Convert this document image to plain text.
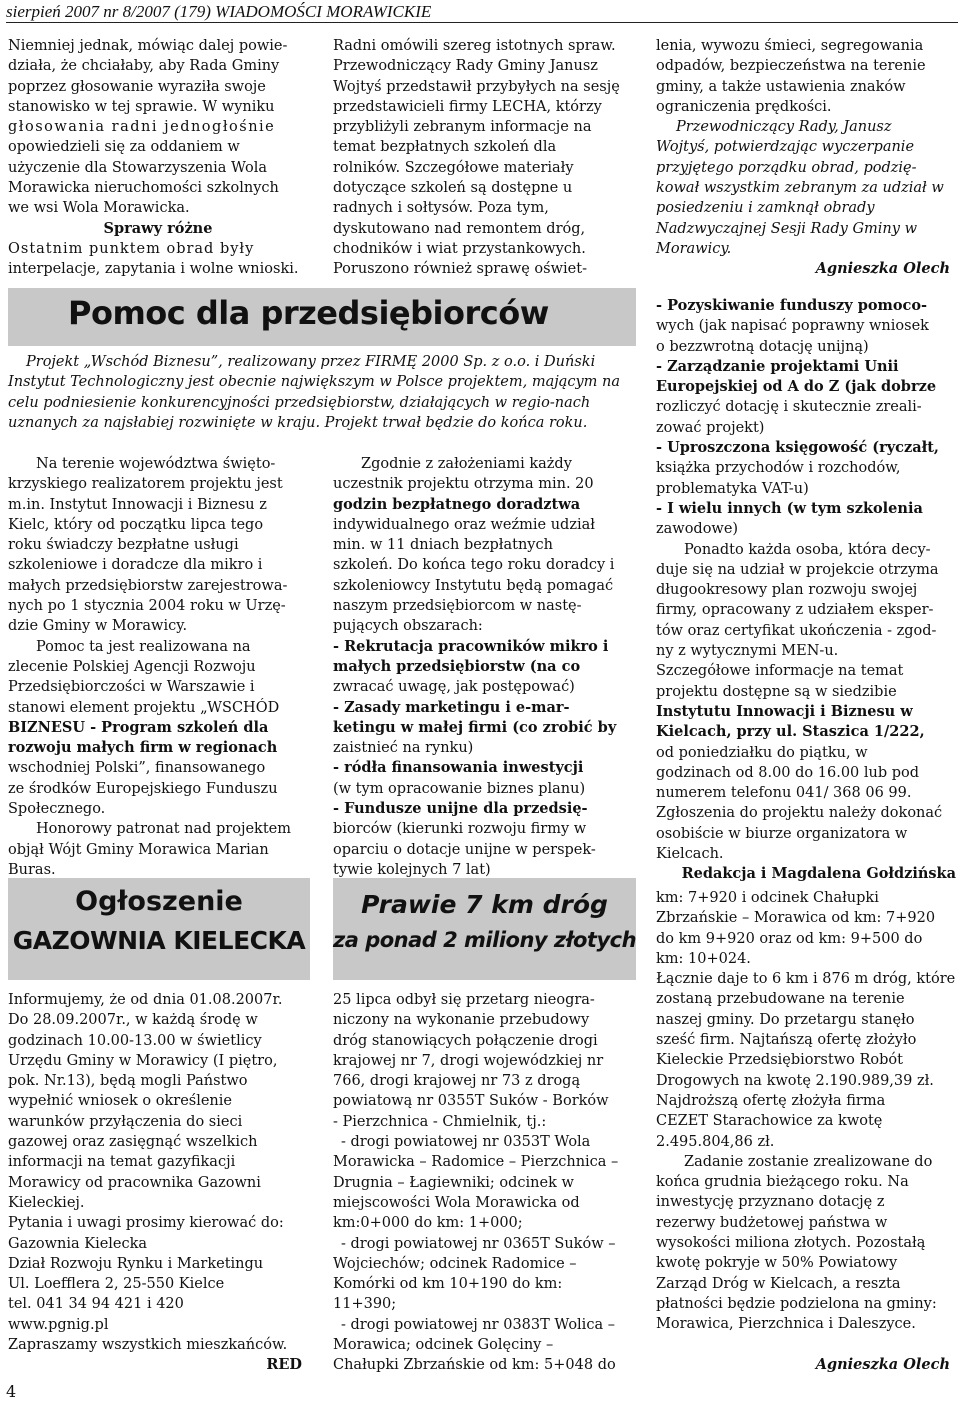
sierpień 2007 nr 8/2007 (179) WIADOMOŚCI MORAWICKIE

Niemniej jednak, mówiąc dalej powie-

działa, że chciałaby, aby Rada Gminy

poprzez głosowanie wyraziła swoje

stanowisko w tej sprawie. W wyniku

głosowania radni jednogłośnie

opowiedzieli się za oddaniem w

użyczenie dla Stowarzyszenia Wola

Morawicka nieruchomości szkolnych

we wsi Wola Morawicka.

Sprawy różne

Ostatnim punktem obrad były

interpelacje, zapytania i wolne wnioski.

Radni omówili szereg istotnych spraw.

Przewodniczący Rady Gminy Janusz

Wojtyś przedstawił przybyłych na sesję

przedstawicieli firmy LECHA, którzy

przybliżyli zebranym informacje na

temat bezpłatnych szkoleń dla

rolników. Szczegółowe materiały

dotyczące szkoleń są dostępne u

radnych i sołtysów. Poza tym,

dyskutowano nad remontem dróg,

chodników i wiat przystankowych.

Poruszono również sprawę oświet-

lenia, wywozu śmieci, segregowania

odpadów, bezpieczeństwa na terenie

gminy, a także ustawienia znaków

ograniczenia prędkości.

Przewodniczący Rady, Janusz

Wojtyś, potwierdzając wyczerpanie

przyjętego porządku obrad, podzię-

kował wszystkim zebranym za udział w

posiedzeniu i zamknął obrady

Nadzwyczajnej Sesji Rady Gminy w

Morawicy.

Agnieszka Olech

Pomoc dla przedsiębiorców
Projekt „Wschód Biznesu”, realizowany przez FIRMĘ 2000 Sp. z o.o. i Duński
Instytut Technologiczny jest obecnie największym w Polsce projektem, mającym na
celu podniesienie konkurencyjności przedsiębiorstw, działających w regio-nach
uznanych za najsłabiej rozwinięte w kraju. Projekt trwał będzie do końca roku.

Na terenie województwa święto-

krzyskiego realizatorem projektu jest

m.in. Instytut Innowacji i Biznesu z

Kielc, który od początku lipca tego

roku świadczy bezpłatne usługi

szkoleniowe i doradcze dla mikro i

małych przedsiębiorstw zarejestrowa-

nych po 1 stycznia 2004 roku w Urzę-

dzie Gminy w Morawicy.

Pomoc ta jest realizowana na

zlecenie Polskiej Agencji Rozwoju

Przedsiębiorczości w Warszawie i

stanowi element projektu „WSCHÓD

BIZNESU - Program szkoleń dla

rozwoju małych firm w regionach

wschodniej Polski”, finansowanego

ze środków Europejskiego Funduszu

Społecznego.

Honorowy patronat nad projektem

objął Wójt Gminy Morawica Marian

Buras.

Zgodnie z założeniami każdy

uczestnik projektu otrzyma min. 20

godzin bezpłatnego doradztwa

indywidualnego oraz weźmie udział

min. w 11 dniach bezpłatnych

szkoleń. Do końca tego roku doradcy i

szkoleniowcy Instytutu będą pomagać

naszym przedsiębiorcom w nastę-

pujących obszarach:

- Rekrutacja pracowników mikro i

małych przedsiębiorstw (na co

zwracać uwagę, jak postępować)

- Zasady marketingu i e-mar-

ketingu w małej firmi (co zrobić by

zaistnieć na rynku)

- ródła finansowania inwestycji

(w tym opracowanie biznes planu)

- Fundusze unijne dla przedsię-

biorców (kierunki rozwoju firmy w

oparciu o dotacje unijne w perspek-

tywie kolejnych 7 lat)

- Pozyskiwanie funduszy pomoco-

wych (jak napisać poprawny wniosek

o bezzwrotną dotację unijną)

- Zarządzanie projektami Unii

Europejskiej od A do Z (jak dobrze

rozliczyć dotację i skutecznie zreali-

zować projekt)

- Uproszczona księgowość (ryczałt,

książka przychodów i rozchodów,

problematyka VAT-u)

- I wielu innych (w tym szkolenia

zawodowe)

Ponadto każda osoba, która decy-

duje się na udział w projekcie otrzyma

długookresowy plan rozwoju swojej

firmy, opracowany z udziałem eksper-

tów oraz certyfikat ukończenia - zgod-

ny z wytycznymi MEN-u.

Szczegółowe informacje na temat

projektu dostępne są w siedzibie

Instytutu Innowacji i Biznesu w

Kielcach, przy ul. Staszica 1/222,

od poniedziałku do piątku, w

godzinach od 8.00 do 16.00 lub pod

numerem telefonu 041/ 368 06 99.

Zgłoszenia do projektu należy dokonać

osobiście w biurze organizatora w

Kielcach.

Redakcja i Magdalena Gołdzińska

Ogłoszenie
GAZOWNIA KIELECKA

Informujemy, że od dnia 01.08.2007r.

Do 28.09.2007r., w każdą środę w

godzinach 10.00-13.00 w świetlicy

Urzędu Gminy w Morawicy (I piętro,

pok. Nr.13), będą mogli Państwo

wypełnić wniosek o określenie

warunków przyłączenia do sieci

gazowej oraz zasięgnąć wszelkich

informacji na temat gazyfikacji

Morawicy od pracownika Gazowni

Kieleckiej.

Pytania i uwagi prosimy kierować do:

Gazownia Kielecka

Dział Rozwoju Rynku i Marketingu

Ul. Loefflera 2, 25-550 Kielce

tel. 041 34 94 421 i 420

www.pgnig.pl

Zapraszamy wszystkich mieszkańców.

RED

Prawie 7 km dróg
za ponad 2 miliony złotych

25 lipca odbył się przetarg nieogra-

niczony na wykonanie przebudowy

dróg stanowiących połączenie drogi

krajowej nr 7, drogi wojewódzkiej nr

766, drogi krajowej nr 73 z drogą

powiatową nr 0355T Suków - Borków

- Pierzchnica - Chmielnik, tj.:

- drogi powiatowej nr 0353T Wola

Morawicka – Radomice – Pierzchnica –

Drugnia – Łagiewniki; odcinek w

miejscowości Wola Morawicka od

km:0+000 do km: 1+000;

- drogi powiatowej nr 0365T Suków –

Wojciechów; odcinek Radomice –

Komórki od km 10+190 do km:

11+390;

- drogi powiatowej nr 0383T Wolica –

Morawica; odcinek Golęciny –

Chałupki Zbrzańskie od km: 5+048 do

km: 7+920 i odcinek Chałupki

Zbrzańskie – Morawica od km: 7+920

do km 9+920 oraz od km: 9+500 do

km: 10+024.

Łącznie daje to 6 km i 876 m dróg, które

zostaną przebudowane na terenie

naszej gminy. Do przetargu stanęło

sześć firm. Najtańszą ofertę złożyło

Kieleckie Przedsiębiorstwo Robót

Drogowych na kwotę 2.190.989,39 zł.

Najdroższą ofertę złożyła firma

CEZET Starachowice za kwotę

2.495.804,86 zł.

Zadanie zostanie zrealizowane do

końca grudnia bieżącego roku. Na

inwestycję przyznano dotację z

rezerwy budżetowej państwa w

wysokości miliona złotych. Pozostałą

kwotę pokryje w 50% Powiatowy

Zarząd Dróg w Kielcach, a reszta

płatności będzie podzielona na gminy:

Morawica, Pierzchnica i Daleszyce.

Agnieszka Olech

4
